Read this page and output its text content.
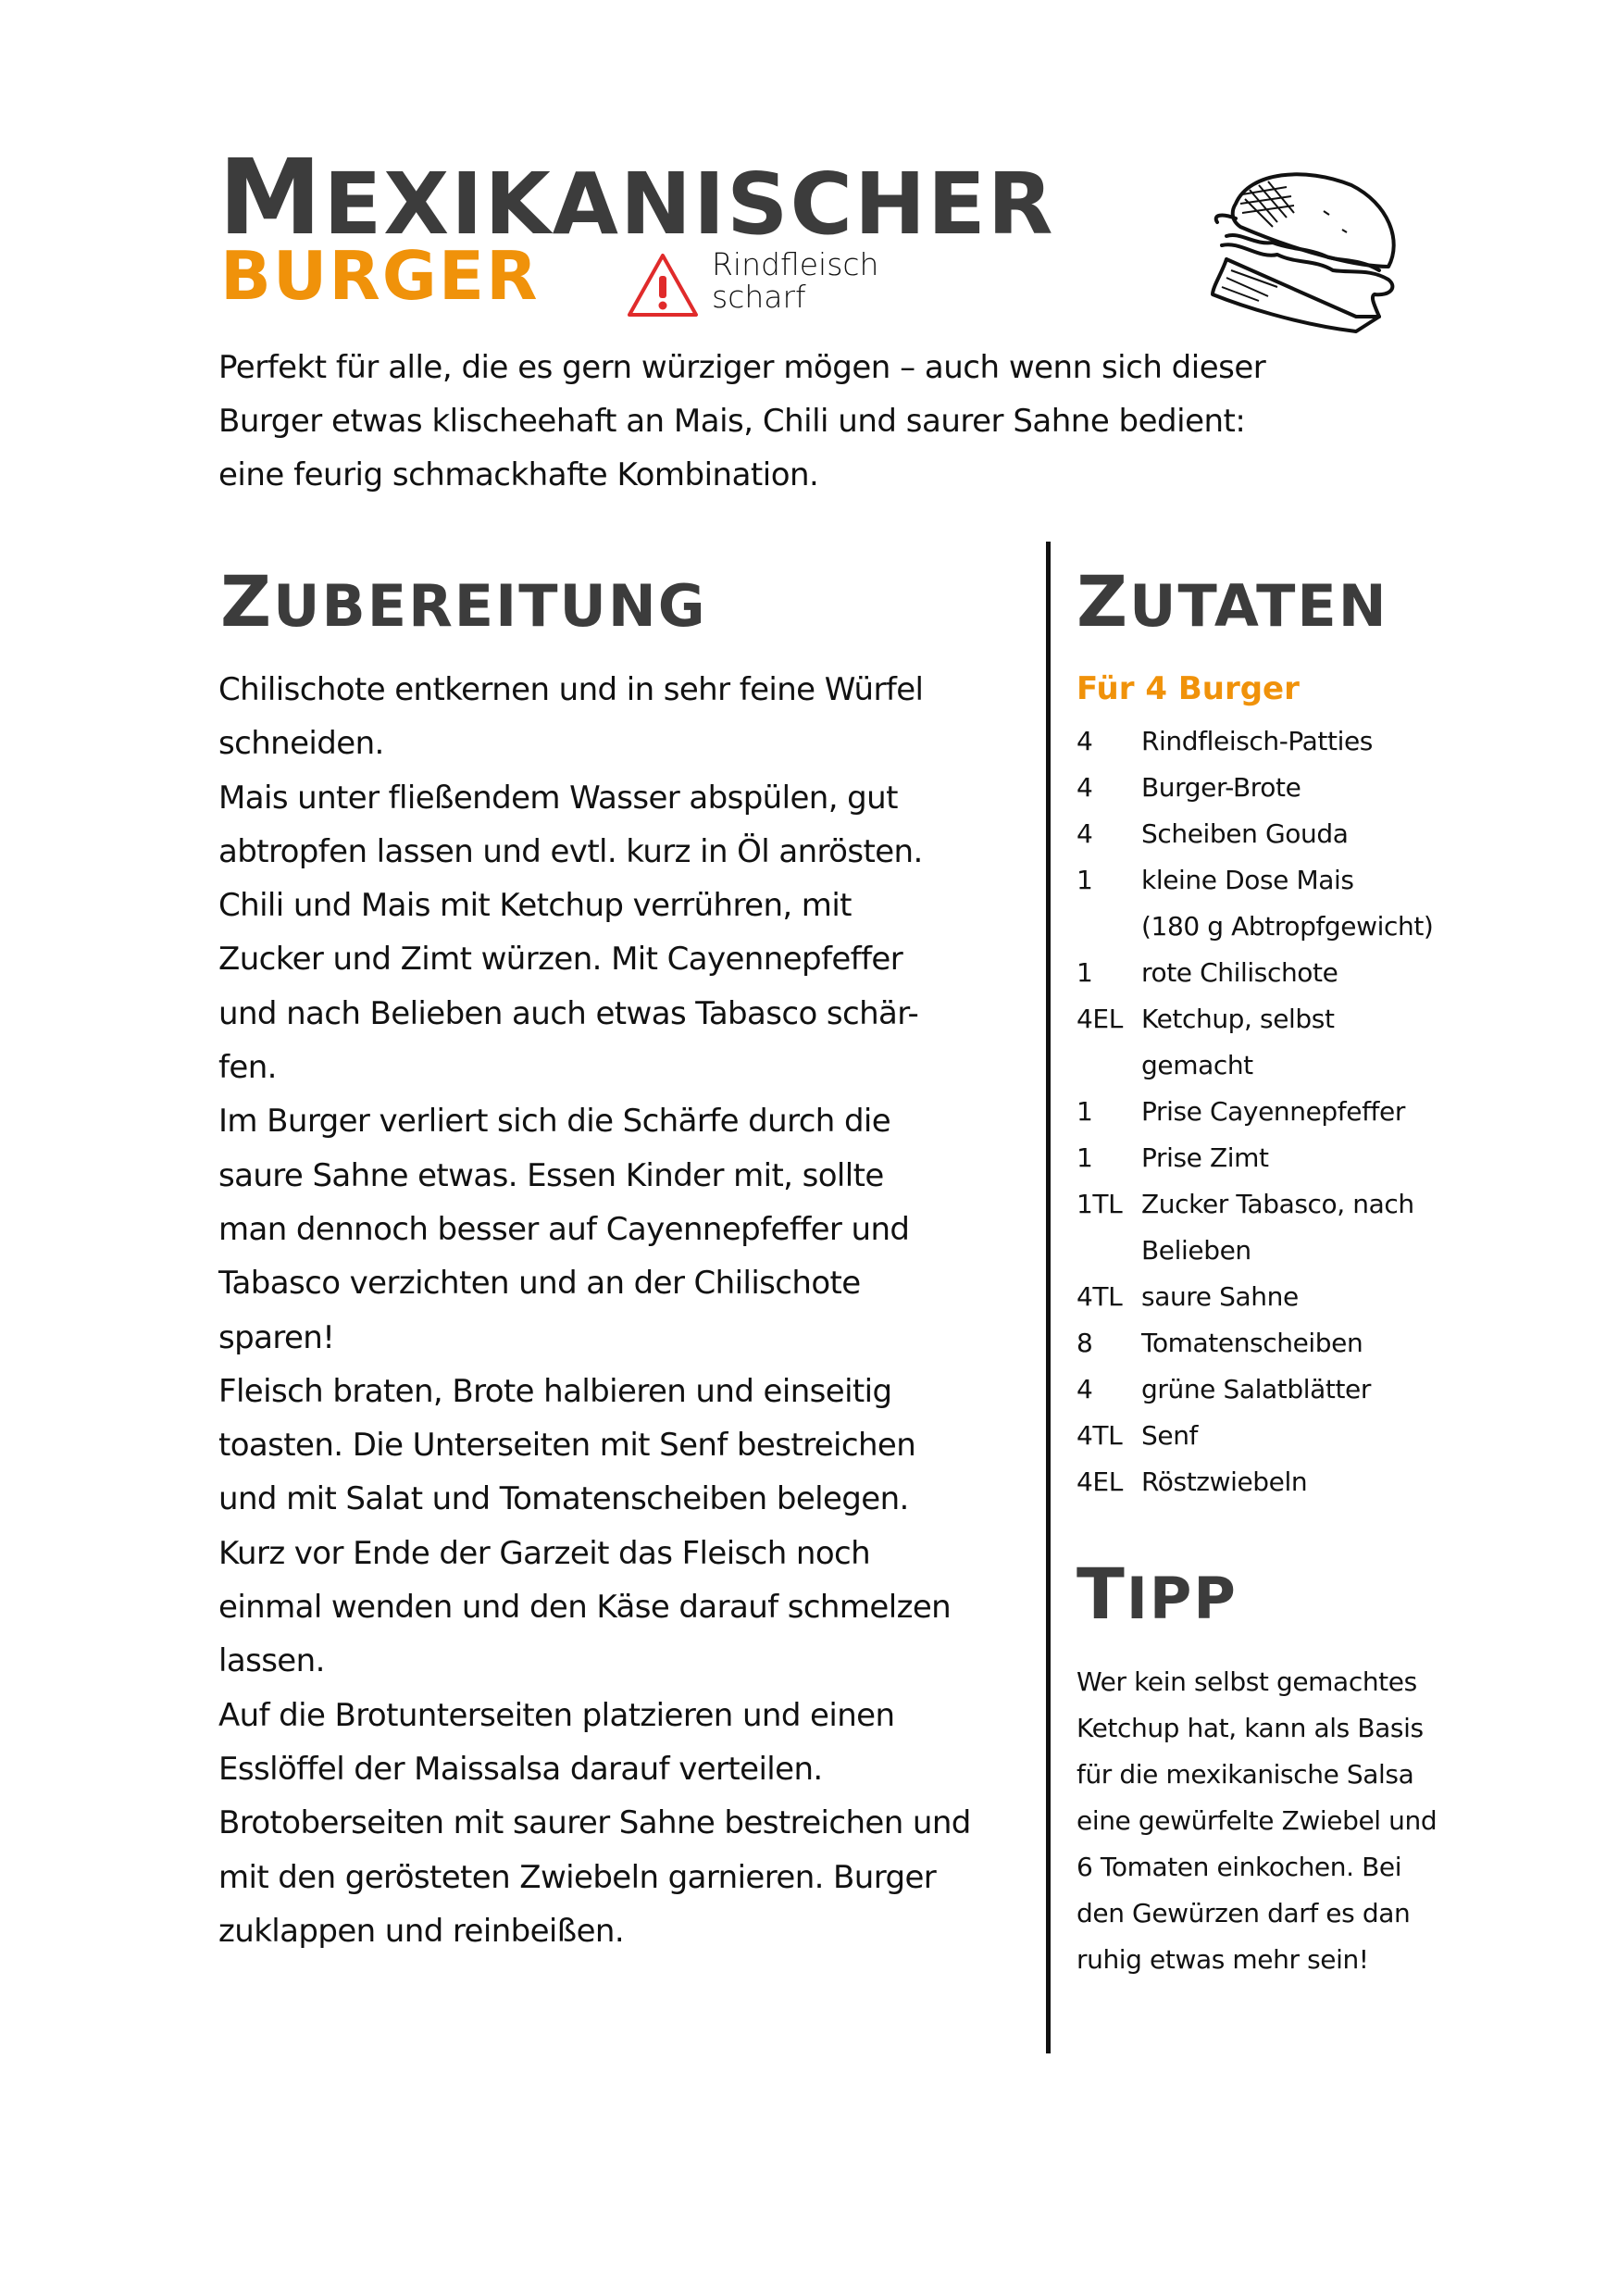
MEXIKANISCHER
BURGER	Rindfleisch
scharf
Perfekt für alle, die es gern würziger mögen – auch wenn sich dieser
Burger etwas klischeehaft an Mais, Chili und saurer Sahne bedient:
eine feurig schmackhafte Kombination.
ZUBEREITUNG
Chilischote entkernen und in sehr feine Würfel
schneiden.
Mais unter fließendem Wasser abspülen, gut
abtropfen lassen und evtl. kurz in Öl anrösten.
Chili und Mais mit Ketchup verrühren, mit
Zucker und Zimt würzen. Mit Cayennepfeffer
und nach Belieben auch etwas Tabasco schär-
fen.
Im Burger verliert sich die Schärfe durch die
saure Sahne etwas. Essen Kinder mit, sollte
man dennoch besser auf Cayennepfeffer und
Tabasco verzichten und an der Chilischote
sparen!
Fleisch braten, Brote halbieren und einseitig
toasten. Die Unterseiten mit Senf bestreichen
und mit Salat und Tomatenscheiben belegen.
Kurz vor Ende der Garzeit das Fleisch noch
einmal wenden und den Käse darauf schmelzen
lassen.
Auf die Brotunterseiten platzieren und einen
Esslöffel der Maissalsa darauf verteilen.
Brotoberseiten mit saurer Sahne bestreichen und
mit den gerösteten Zwiebeln garnieren. Burger
zuklappen und reinbeißen.
ZUTATEN
Für 4 Burger
4	Rindfleisch-Patties
4	Burger-Brote
4	Scheiben Gouda
1	kleine Dose Mais
(180 g Abtropfgewicht)
1	rote Chilischote
4EL Ketchup, selbst
gemacht
1	Prise Cayennepfeffer
1	Prise Zimt
1TL Zucker Tabasco, nach
Belieben
4TL saure Sahne
8	Tomatenscheiben
4	grüne Salatblätter
4TL Senf
4EL Röstzwiebeln
TIPP
Wer kein selbst gemachtes
Ketchup hat, kann als Basis
für die mexikanische Salsa
eine gewürfelte Zwiebel und
6 Tomaten einkochen. Bei
den Gewürzen darf es dan
ruhig etwas mehr sein!
